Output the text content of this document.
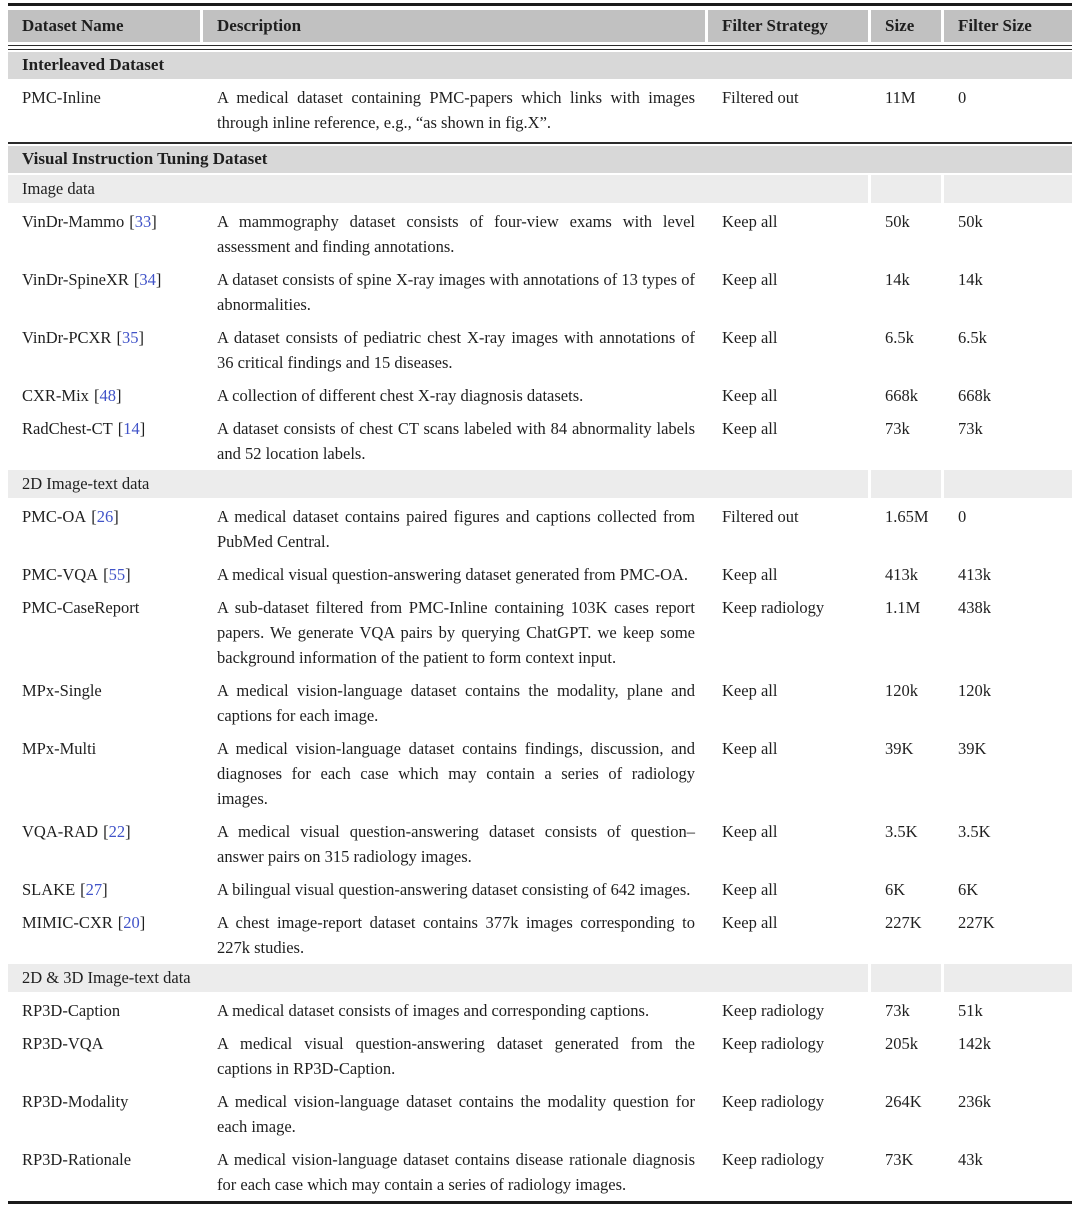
Dataset Name	Description	Filter Strategy	Size	Filter Size

Interleaved Dataset				
PMC-Inline	A medical dataset containing PMC-papers which links with images through inline reference, e.g., “as shown in fig.X”.	Filtered out	11M	0

Visual Instruction Tuning Dataset				
Image data				
VinDr-Mammo [33]	A mammography dataset consists of four-view exams with level assessment and finding annotations.	Keep all	50k	50k
VinDr-SpineXR [34]	A dataset consists of spine X-ray images with annotations of 13 types of abnormalities.	Keep all	14k	14k
VinDr-PCXR [35]	A dataset consists of pediatric chest X-ray images with annotations of 36 critical findings and 15 diseases.	Keep all	6.5k	6.5k
CXR-Mix [48]	A collection of different chest X-ray diagnosis datasets.	Keep all	668k	668k
RadChest-CT [14]	A dataset consists of chest CT scans labeled with 84 abnormality labels and 52 location labels.	Keep all	73k	73k
2D Image-text data				
PMC-OA [26]	A medical dataset contains paired figures and captions collected from PubMed Central.	Filtered out	1.65M	0
PMC-VQA [55]	A medical visual question-answering dataset generated from PMC-OA.	Keep all	413k	413k
PMC-CaseReport	A sub-dataset filtered from PMC-Inline containing 103K cases report papers. We generate VQA pairs by querying ChatGPT. we keep some background information of the patient to form context input.	Keep radiology	1.1M	438k
MPx-Single	A medical vision-language dataset contains the modality, plane and captions for each image.	Keep all	120k	120k
MPx-Multi	A medical vision-language dataset contains findings, discussion, and diagnoses for each case which may contain a series of radiology images.	Keep all	39K	39K
VQA-RAD [22]	A medical visual question-answering dataset consists of question–answer pairs on 315 radiology images.	Keep all	3.5K	3.5K
SLAKE [27]	A bilingual visual question-answering dataset consisting of 642 images.	Keep all	6K	6K
MIMIC-CXR [20]	A chest image-report dataset contains 377k images corresponding to 227k studies.	Keep all	227K	227K
2D & 3D Image-text data				
RP3D-Caption	A medical dataset consists of images and corresponding captions.	Keep radiology	73k	51k
RP3D-VQA	A medical visual question-answering dataset generated from the captions in RP3D-Caption.	Keep radiology	205k	142k
RP3D-Modality	A medical vision-language dataset contains the modality question for each image.	Keep radiology	264K	236k
RP3D-Rationale	A medical vision-language dataset contains disease rationale diagnosis for each case which may contain a series of radiology images.	Keep radiology	73K	43k
